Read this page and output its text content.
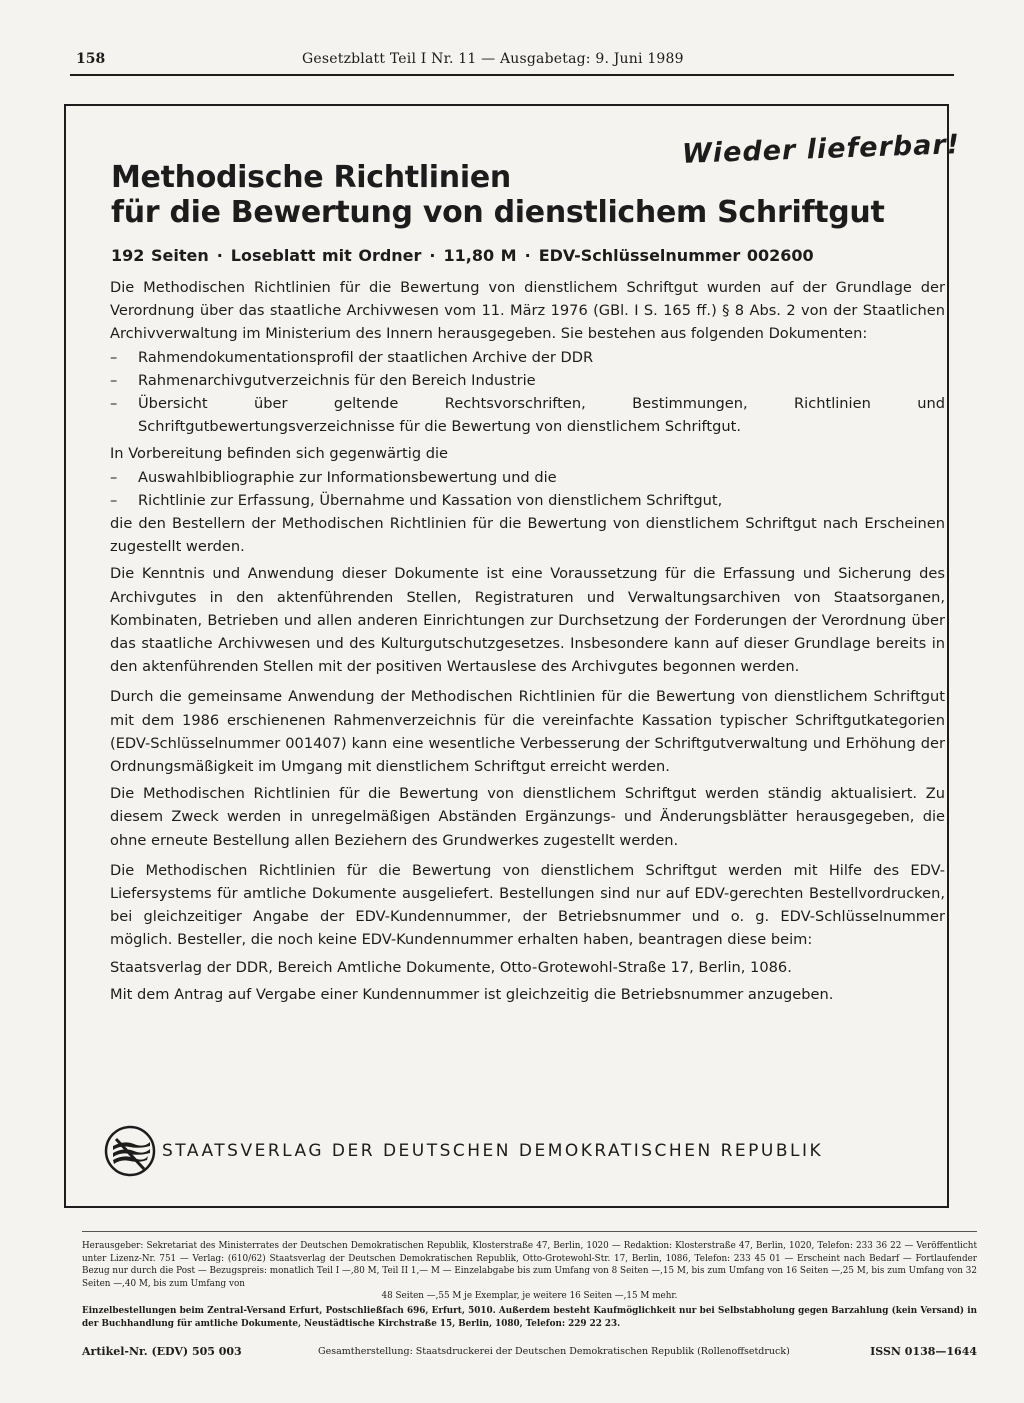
158	Gesetzblatt Teil I Nr. 11 — Ausgabetag: 9. Juni 1989
Wieder lieferbar!
Methodische Richtlinien
für die Bewertung von dienstlichem Schriftgut
192 Seiten · Loseblatt mit Ordner · 11,80 M · EDV-Schlüsselnummer 002600

Die Methodischen Richtlinien für die Bewertung von dienstlichem Schriftgut wurden auf der Grundlage der Verordnung über das staatliche Archivwesen vom 11. März 1976 (GBl. I S. 165 ff.) § 8 Abs. 2 von der Staatlichen Archivverwaltung im Ministerium des Innern herausgegeben. Sie bestehen aus folgenden Dokumenten:

– Rahmendokumentationsprofil der staatlichen Archive der DDR
– Rahmenarchivgutverzeichnis für den Bereich Industrie
– Übersicht über geltende Rechtsvorschriften, Bestimmungen, Richtlinien und Schriftgutbewertungsverzeichnisse für die Bewertung von dienstlichem Schriftgut.

In Vorbereitung befinden sich gegenwärtig die

– Auswahlbibliographie zur Informationsbewertung und die
– Richtlinie zur Erfassung, Übernahme und Kassation von dienstlichem Schriftgut,

die den Bestellern der Methodischen Richtlinien für die Bewertung von dienstlichem Schriftgut nach Erscheinen zugestellt werden.

Die Kenntnis und Anwendung dieser Dokumente ist eine Voraussetzung für die Erfassung und Sicherung des Archivgutes in den aktenführenden Stellen, Registraturen und Verwaltungsarchiven von Staatsorganen, Kombinaten, Betrieben und allen anderen Einrichtungen zur Durchsetzung der Forderungen der Verordnung über das staatliche Archivwesen und des Kulturgutschutzgesetzes. Insbesondere kann auf dieser Grundlage bereits in den aktenführenden Stellen mit der positiven Wertauslese des Archivgutes begonnen werden.

Durch die gemeinsame Anwendung der Methodischen Richtlinien für die Bewertung von dienstlichem Schriftgut mit dem 1986 erschienenen Rahmenverzeichnis für die vereinfachte Kassation typischer Schriftgutkategorien (EDV-Schlüsselnummer 001407) kann eine wesentliche Verbesserung der Schriftgutverwaltung und Erhöhung der Ordnungsmäßigkeit im Umgang mit dienstlichem Schriftgut erreicht werden.

Die Methodischen Richtlinien für die Bewertung von dienstlichem Schriftgut werden ständig aktualisiert. Zu diesem Zweck werden in unregelmäßigen Abständen Ergänzungs- und Änderungsblätter herausgegeben, die ohne erneute Bestellung allen Beziehern des Grundwerkes zugestellt werden.

Die Methodischen Richtlinien für die Bewertung von dienstlichem Schriftgut werden mit Hilfe des EDV-Liefersystems für amtliche Dokumente ausgeliefert. Bestellungen sind nur auf EDV-gerechten Bestellvordrucken, bei gleichzeitiger Angabe der EDV-Kundennummer, der Betriebsnummer und o. g. EDV-Schlüsselnummer möglich. Besteller, die noch keine EDV-Kundennummer erhalten haben, beantragen diese beim:

Staatsverlag der DDR, Bereich Amtliche Dokumente, Otto-Grotewohl-Straße 17, Berlin, 1086.

Mit dem Antrag auf Vergabe einer Kundennummer ist gleichzeitig die Betriebsnummer anzugeben.

STAATSVERLAG DER DEUTSCHEN DEMOKRATISCHEN REPUBLIK

Herausgeber: Sekretariat des Ministerrates der Deutschen Demokratischen Republik, Klosterstraße 47, Berlin, 1020 — Redaktion: Klosterstraße 47, Berlin, 1020, Telefon: 233 36 22 — Veröffentlicht unter Lizenz-Nr. 751 — Verlag: (610/62) Staatsverlag der Deutschen Demokratischen Republik, Otto-Grotewohl-Str. 17, Berlin, 1086, Telefon: 233 45 01 — Erscheint nach Bedarf — Fortlaufender Bezug nur durch die Post — Bezugspreis: monatlich Teil I —,80 M, Teil II 1,— M — Einzelabgabe bis zum Umfang von 8 Seiten —,15 M, bis zum Umfang von 16 Seiten —,25 M, bis zum Umfang von 32 Seiten —,40 M, bis zum Umfang von

48 Seiten —,55 M je Exemplar, je weitere 16 Seiten —,15 M mehr.

Einzelbestellungen beim Zentral-Versand Erfurt, Postschließfach 696, Erfurt, 5010. Außerdem besteht Kaufmöglichkeit nur bei Selbstabholung gegen Barzahlung (kein Versand) in der Buchhandlung für amtliche Dokumente, Neustädtische Kirchstraße 15, Berlin, 1080, Telefon: 229 22 23.

Artikel-Nr. (EDV) 505 003	Gesamtherstellung: Staatsdruckerei der Deutschen Demokratischen Republik (Rollenoffsetdruck)	ISSN 0138—1644
